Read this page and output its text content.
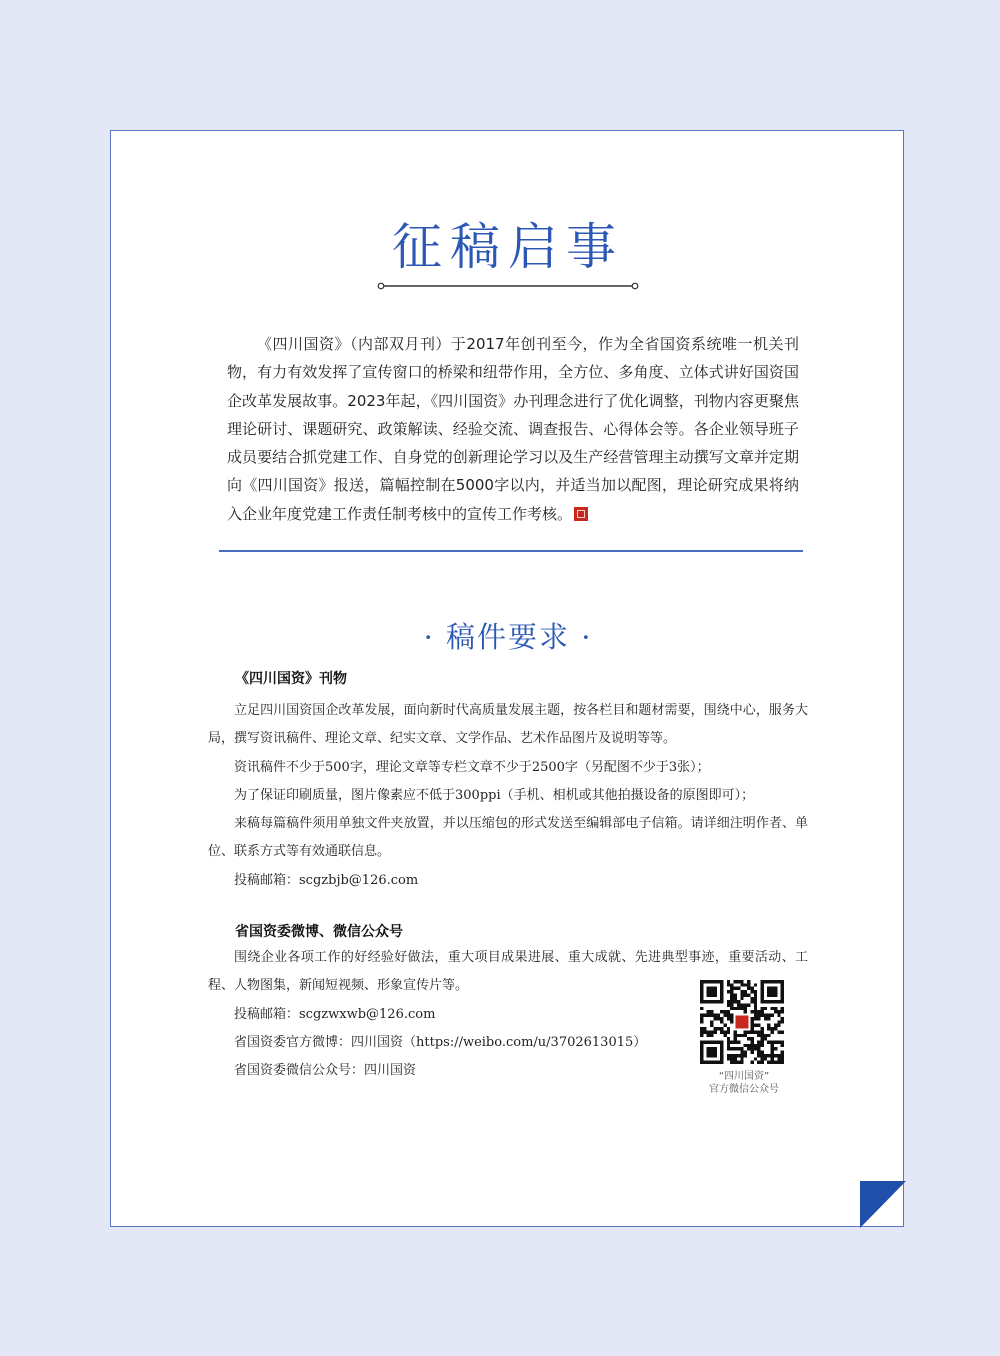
征稿启事

《四川国资》（内部双月刊）于2017年创刊至今，作为全省国资系统唯一机关刊物，有力有效发挥了宣传窗口的桥梁和纽带作用，全方位、多角度、立体式讲好国资国企改革发展故事。2023年起，《四川国资》办刊理念进行了优化调整，刊物内容更聚焦理论研讨、课题研究、政策解读、经验交流、调查报告、心得体会等。各企业领导班子成员要结合抓党建工作、自身党的创新理论学习以及生产经营管理主动撰写文章并定期向《四川国资》报送，篇幅控制在5000字以内，并适当加以配图，理论研究成果将纳入企业年度党建工作责任制考核中的宣传工作考核。

· 稿件要求 ·
《四川国资》刊物

立足四川国资国企改革发展，面向新时代高质量发展主题，按各栏目和题材需要，围绕中心，服务大局，撰写资讯稿件、理论文章、纪实文章、文学作品、艺术作品图片及说明等等。

资讯稿件不少于500字，理论文章等专栏文章不少于2500字（另配图不少于3张）；

为了保证印刷质量，图片像素应不低于300ppi（手机、相机或其他拍摄设备的原图即可）；

来稿每篇稿件须用单独文件夹放置，并以压缩包的形式发送至编辑部电子信箱。请详细注明作者、单位、联系方式等有效通联信息。

投稿邮箱：scgzbjb@126.com

省国资委微博、微信公众号

围绕企业各项工作的好经验好做法，重大项目成果进展、重大成就、先进典型事迹，重要活动、工程、人物图集，新闻短视频、形象宣传片等。

投稿邮箱：scgzwxwb@126.com

省国资委官方微博：四川国资（https://weibo.com/u/3702613015）

省国资委微信公众号：四川国资	“四川国资”
官方微信公众号
